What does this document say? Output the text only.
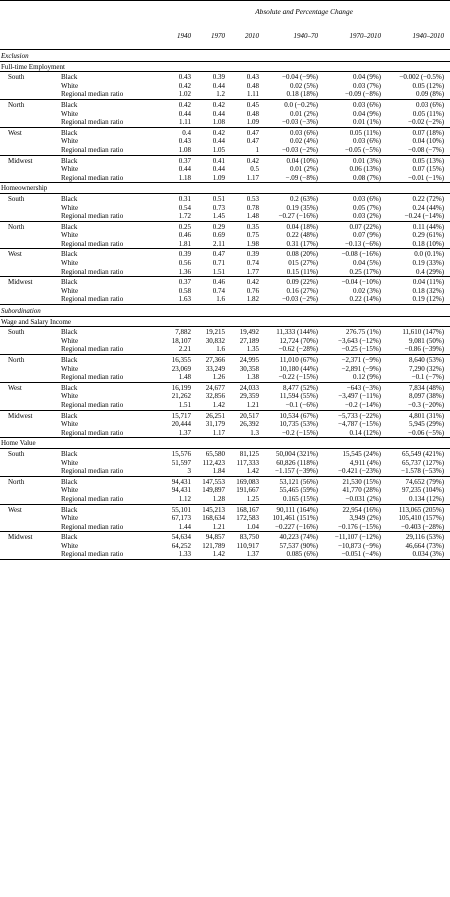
		Absolute and Percentage Change					
		1940	1970	2010	1940–70	1970–2010	1940–2010
Exclusion							
Full-time Employment							
South	Black	0.43	0.39	0.43	−0.04 (−9%)	0.04 (9%)	−0.002 (−0.5%)
	White	0.42	0.44	0.48	0.02 (5%)	0.03 (7%)	0.05 (12%)
	Regional median ratio	1.02	1.2	1.11	0.18 (18%)	−0.09 (−8%)	0.09 (8%)
North	Black	0.42	0.42	0.45	0.0 (−0.2%)	0.03 (6%)	0.03 (6%)
	White	0.44	0.44	0.48	0.01 (2%)	0.04 (9%)	0.05 (11%)
	Regional median ratio	1.11	1.08	1.09	−0.03 (−3%)	0.01 (1%)	−0.02 (−2%)
West	Black	0.4	0.42	0.47	0.03 (6%)	0.05 (11%)	0.07 (18%)
	White	0.43	0.44	0.47	0.02 (4%)	0.03 (6%)	0.04 (10%)
	Regional median ratio	1.08	1.05	1	−0.03 (−2%)	−0.05 (−5%)	−0.08 (−7%)
Midwest	Black	0.37	0.41	0.42	0.04 (10%)	0.01 (3%)	0.05 (13%)
	White	0.44	0.44	0.5	0.01 (2%)	0.06 (13%)	0.07 (15%)
	Regional median ratio	1.18	1.09	1.17	−.09 (−8%)	0.08 (7%)	−0.01 (−1%)
Homeownership							
South	Black	0.31	0.51	0.53	0.2 (63%)	0.03 (6%)	0.22 (72%)
	White	0.54	0.73	0.78	0.19 (35%)	0.05 (7%)	0.24 (44%)
	Regional median ratio	1.72	1.45	1.48	−0.27 (−16%)	0.03 (2%)	−0.24 (−14%)
North	Black	0.25	0.29	0.35	0.04 (18%)	0.07 (22%)	0.11 (44%)
	White	0.46	0.69	0.75	0.22 (48%)	0.07 (9%)	0.29 (61%)
	Regional median ratio	1.81	2.11	1.98	0.31 (17%)	−0.13 (−6%)	0.18 (10%)
West	Black	0.39	0.47	0.39	0.08 (20%)	−0.08 (−16%)	0.0 (0.1%)
	White	0.56	0.71	0.74	015 (27%)	0.04 (5%)	0.19 (33%)
	Regional median ratio	1.36	1.51	1.77	0.15 (11%)	0.25 (17%)	0.4 (29%)
Midwest	Black	0.37	0.46	0.42	0.09 (22%)	−0.04 (−10%)	0.04 (11%)
	White	0.58	0.74	0.76	0.16 (27%)	0.02 (3%)	0.18 (32%)
	Regional median ratio	1.63	1.6	1.82	−0.03 (−2%)	0.22 (14%)	0.19 (12%)
Subordination							
Wage and Salary Income							
South	Black	7,882	19,215	19,492	11,333 (144%)	276.75 (1%)	11,610 (147%)
	White	18,107	30,832	27,189	12,724 (70%)	−3,643 (−12%)	9,081 (50%)
	Regional median ratio	2.21	1.6	1.35	−0.62 (−28%)	−0.25 (−15%)	−0.86 (−39%)
North	Black	16,355	27,366	24,995	11,010 (67%)	−2,371 (−9%)	8,640 (53%)
	White	23,069	33,249	30,358	10,180 (44%)	−2,891 (−9%)	7,290 (32%)
	Regional median ratio	1.48	1.26	1.38	−0.22 (−15%)	0.12 (9%)	−0.1 (−7%)
West	Black	16,199	24,677	24,033	8,477 (52%)	−643 (−3%)	7,834 (48%)
	White	21,262	32,856	29,359	11,594 (55%)	−3,497 (−11%)	8,097 (38%)
	Regional median ratio	1.51	1.42	1.21	−0.1 (−6%)	−0.2 (−14%)	−0.3 (−20%)
Midwest	Black	15,717	26,251	20,517	10,534 (67%)	−5,733 (−22%)	4,801 (31%)
	White	20,444	31,179	26,392	10,735 (53%)	−4,787 (−15%)	5,945 (29%)
	Regional median ratio	1.37	1.17	1.3	−0.2 (−15%)	0.14 (12%)	−0.06 (−5%)
Home Value							
South	Black	15,576	65,580	81,125	50,004 (321%)	15,545 (24%)	65,549 (421%)
	White	51,597	112,423	117,333	60,826 (118%)	4,911 (4%)	65,737 (127%)
	Regional median ratio	3	1.84	1.42	−1.157 (−39%)	−0.421 (−23%)	−1.578 (−53%)
North	Black	94,431	147,553	169,083	53,121 (56%)	21,530 (15%)	74,652 (79%)
	White	94,431	149,897	191,667	55,465 (59%)	41,770 (28%)	97,235 (104%)
	Regional median ratio	1.12	1.28	1.25	0.165 (15%)	−0.031 (2%)	0.134 (12%)
West	Black	55,101	145,213	168,167	90,111 (164%)	22,954 (16%)	113,065 (205%)
	White	67,173	168,634	172,583	101,461 (151%)	3,949 (2%)	105,410 (157%)
	Regional median ratio	1.44	1.21	1.04	−0.227 (−16%)	−0.176 (−15%)	−0.403 (−28%)
Midwest	Black	54,634	94,857	83,750	40,223 (74%)	−11,107 (−12%)	29,116 (53%)
	White	64,252	121,789	110,917	57,537 (90%)	−10,873 (−9%)	46,664 (73%)
	Regional median ratio	1.33	1.42	1.37	0.085 (6%)	−0.051 (−4%)	0.034 (3%)
